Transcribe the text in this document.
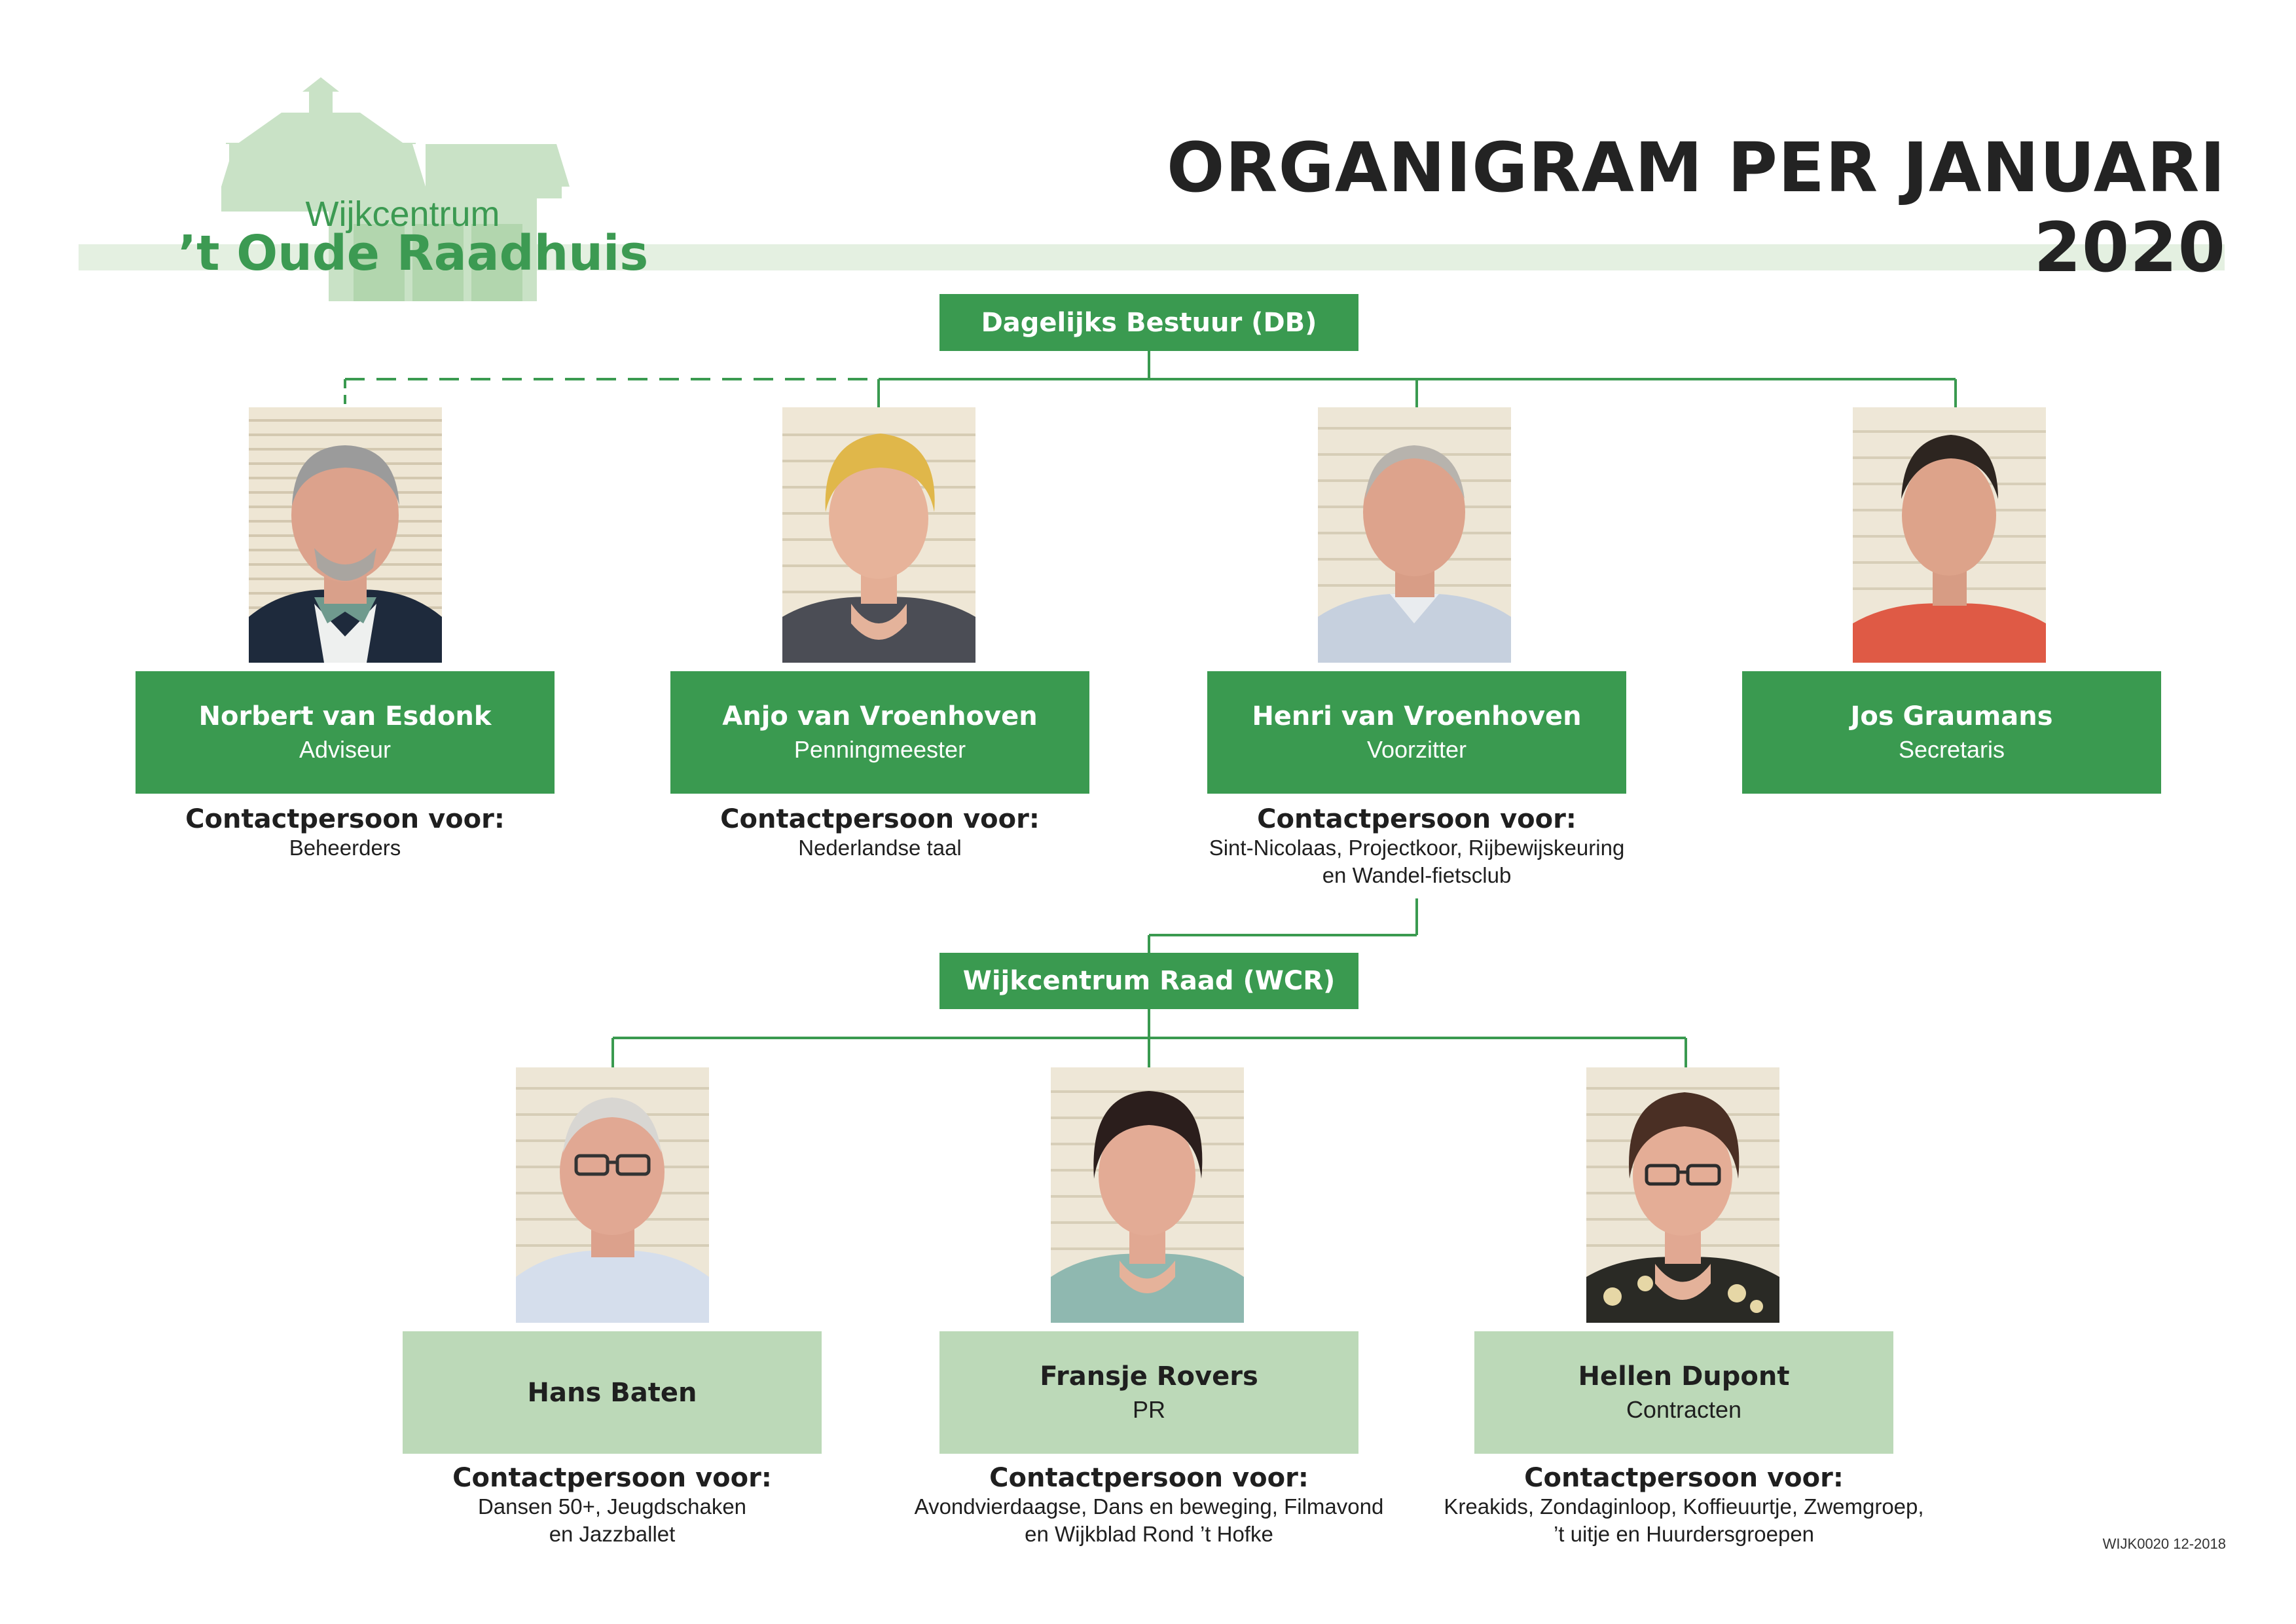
Wijkcentrum
’t Oude Raadhuis
ORGANIGRAM PER JANUARI 2020
Dagelijks Bestuur (DB)
Wijkcentrum Raad (WCR)
Norbert van Esdonk
Adviseur
Anjo van Vroenhoven
Penningmeester
Henri van Vroenhoven
Voorzitter
Jos Graumans
Secretaris
Contactpersoon voor:
Beheerders
Contactpersoon voor:
Nederlandse taal
Contactpersoon voor:
Sint-Nicolaas, Projectkoor, Rijbewijskeuring
en Wandel-fietsclub
Hans Baten
Fransje Rovers
PR
Hellen Dupont
Contracten
Contactpersoon voor:
Dansen 50+, Jeugdschaken
en Jazzballet
Contactpersoon voor:
Avondvierdaagse, Dans en beweging, Filmavond
en Wijkblad Rond ’t Hofke
Contactpersoon voor:
Kreakids, Zondaginloop, Koffieuurtje, Zwemgroep,
’t uitje en Huurdersgroepen	WIJK0020 12-2018
